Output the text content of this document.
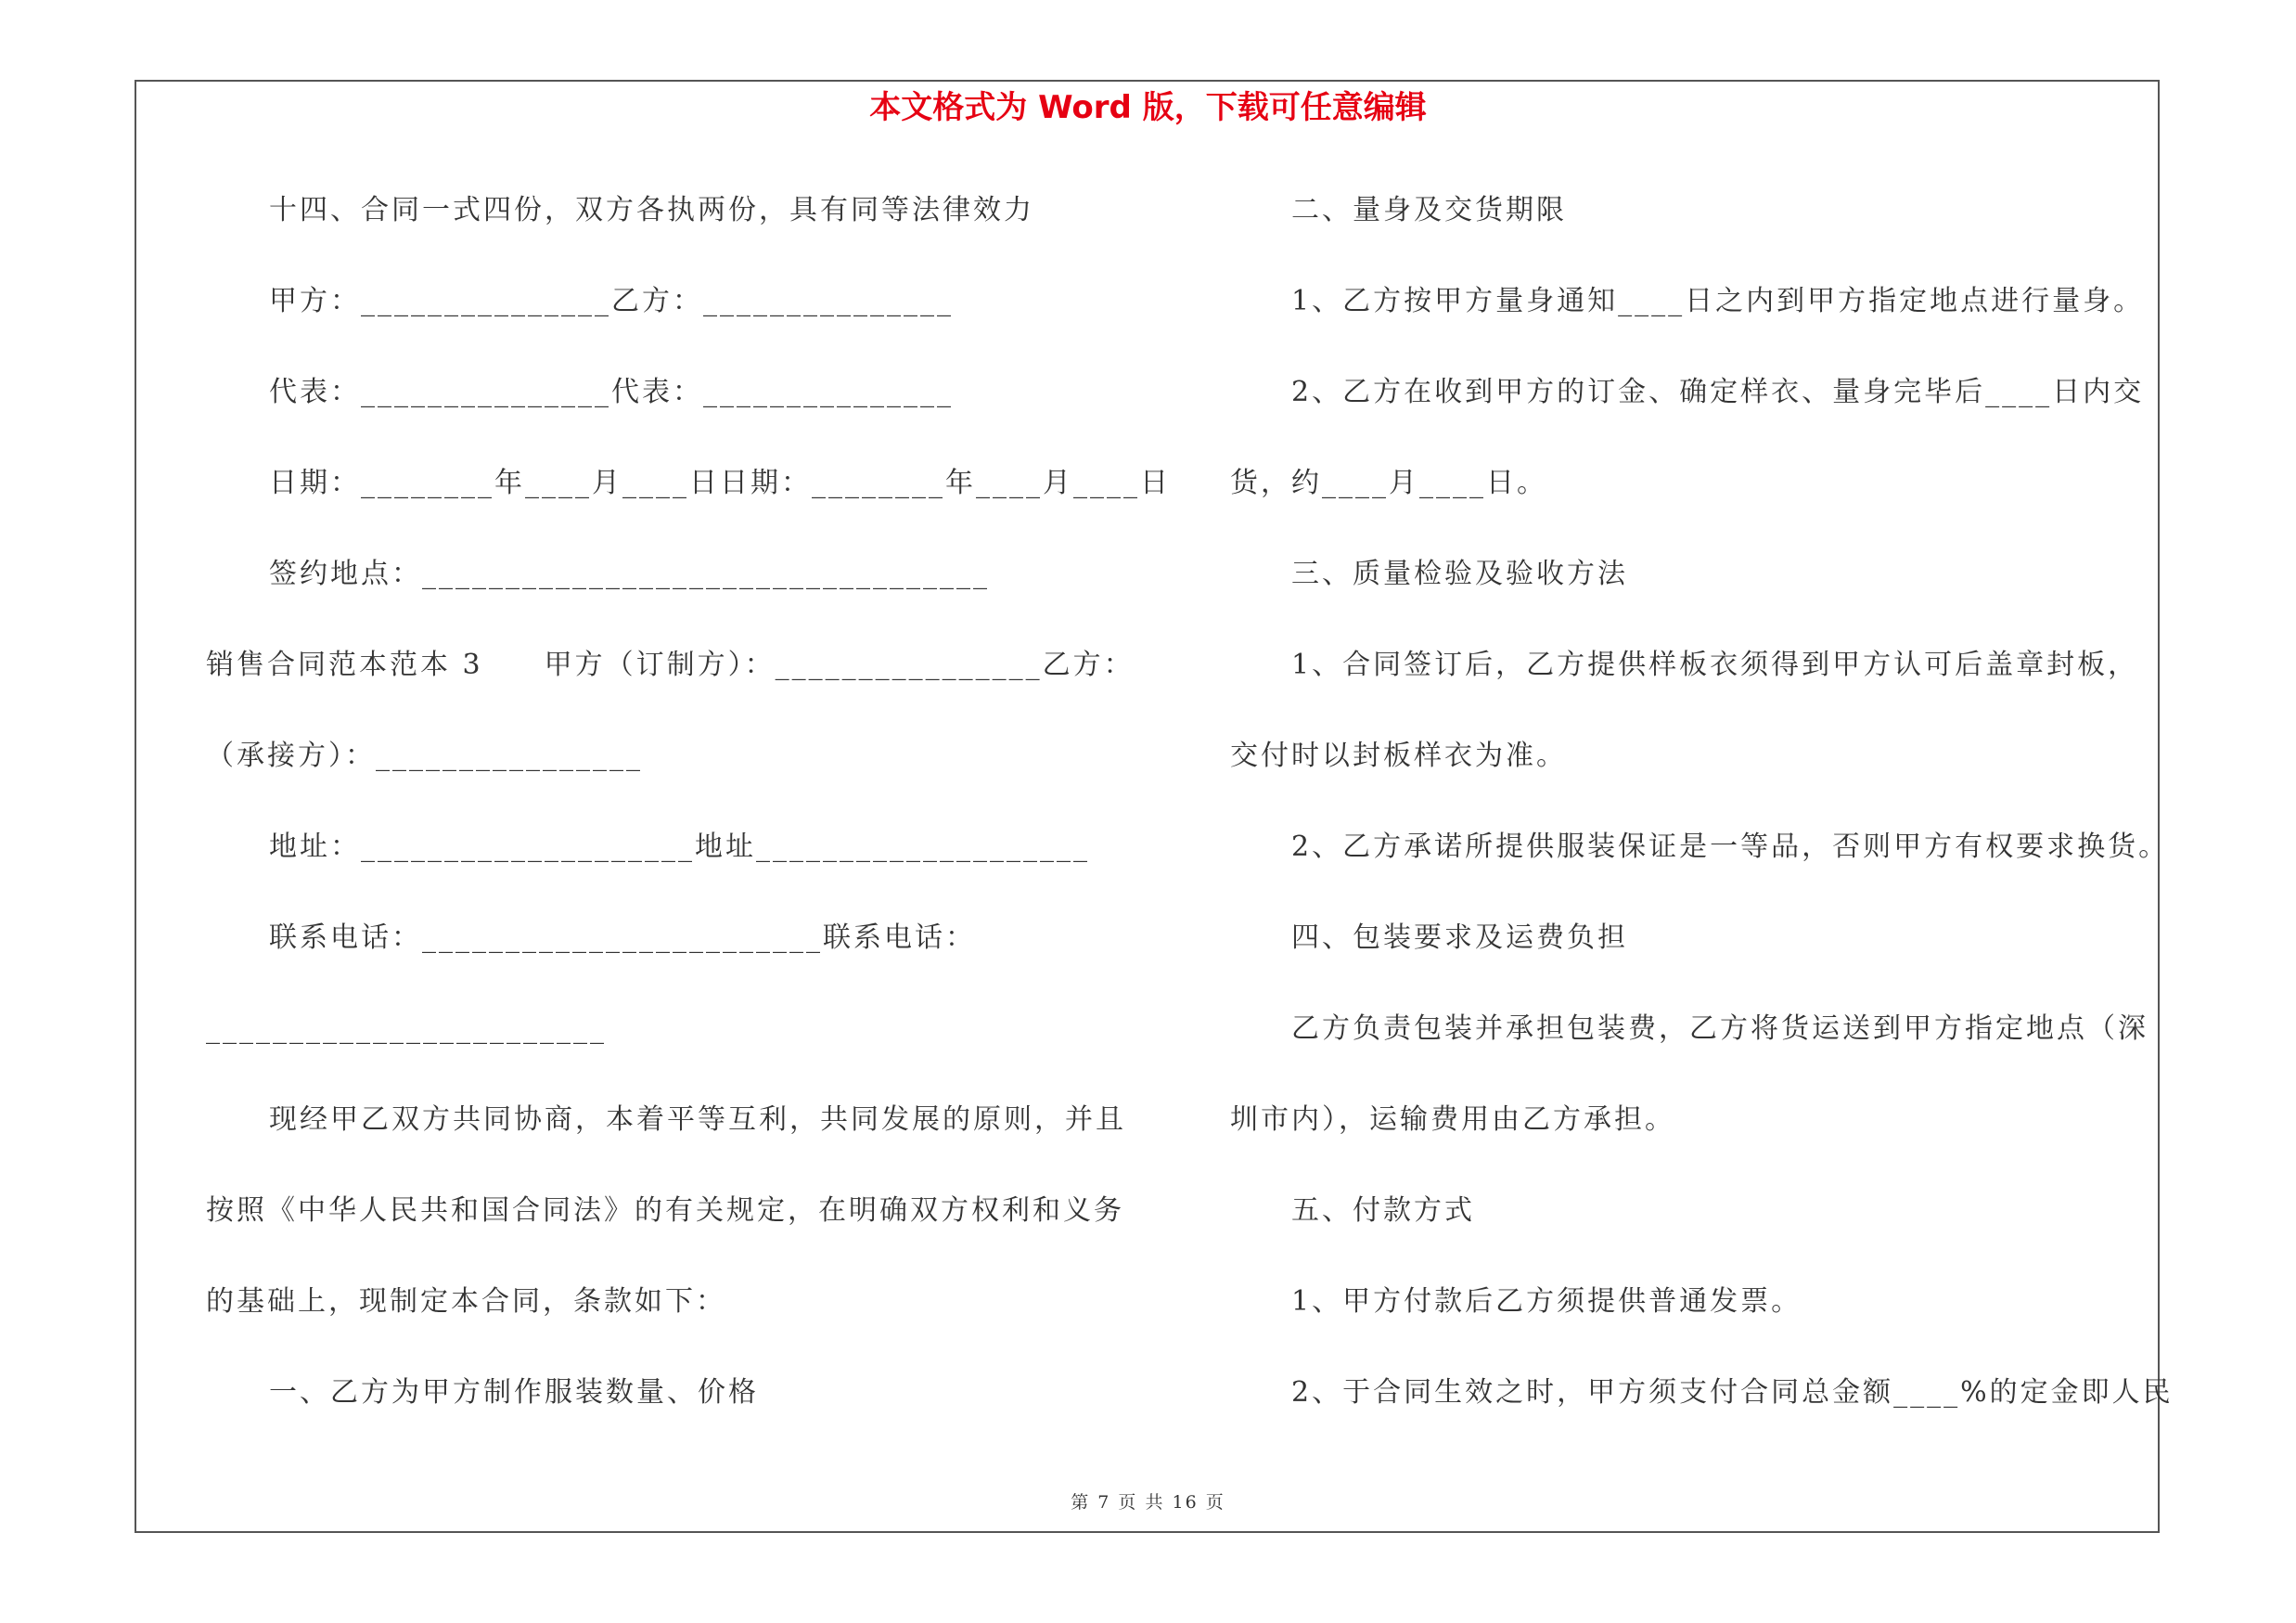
本文格式为 Word 版，下载可任意编辑
十四、合同一式四份，双方各执两份，具有同等法律效力
甲方：_______________乙方：_______________
代表：_______________代表：_______________
日期：________年____月____日日期：________年____月____日
签约地点：__________________________________
销售合同范本范本 3　　甲方（订制方）：________________乙方：
（承接方）：________________
地址：____________________地址____________________
联系电话：________________________联系电话：
________________________
现经甲乙双方共同协商，本着平等互利，共同发展的原则，并且
按照《中华人民共和国合同法》的有关规定，在明确双方权利和义务
的基础上，现制定本合同，条款如下：
一、乙方为甲方制作服装数量、价格
二、量身及交货期限
1、乙方按甲方量身通知____日之内到甲方指定地点进行量身。
2、乙方在收到甲方的订金、确定样衣、量身完毕后____日内交
货，约____月____日。
三、质量检验及验收方法
1、合同签订后，乙方提供样板衣须得到甲方认可后盖章封板，
交付时以封板样衣为准。
2、乙方承诺所提供服装保证是一等品，否则甲方有权要求换货。
四、包装要求及运费负担
乙方负责包装并承担包装费，乙方将货运送到甲方指定地点（深
圳市内），运输费用由乙方承担。
五、付款方式
1、甲方付款后乙方须提供普通发票。
2、于合同生效之时，甲方须支付合同总金额____%的定金即人民
第 7 页 共 16 页
